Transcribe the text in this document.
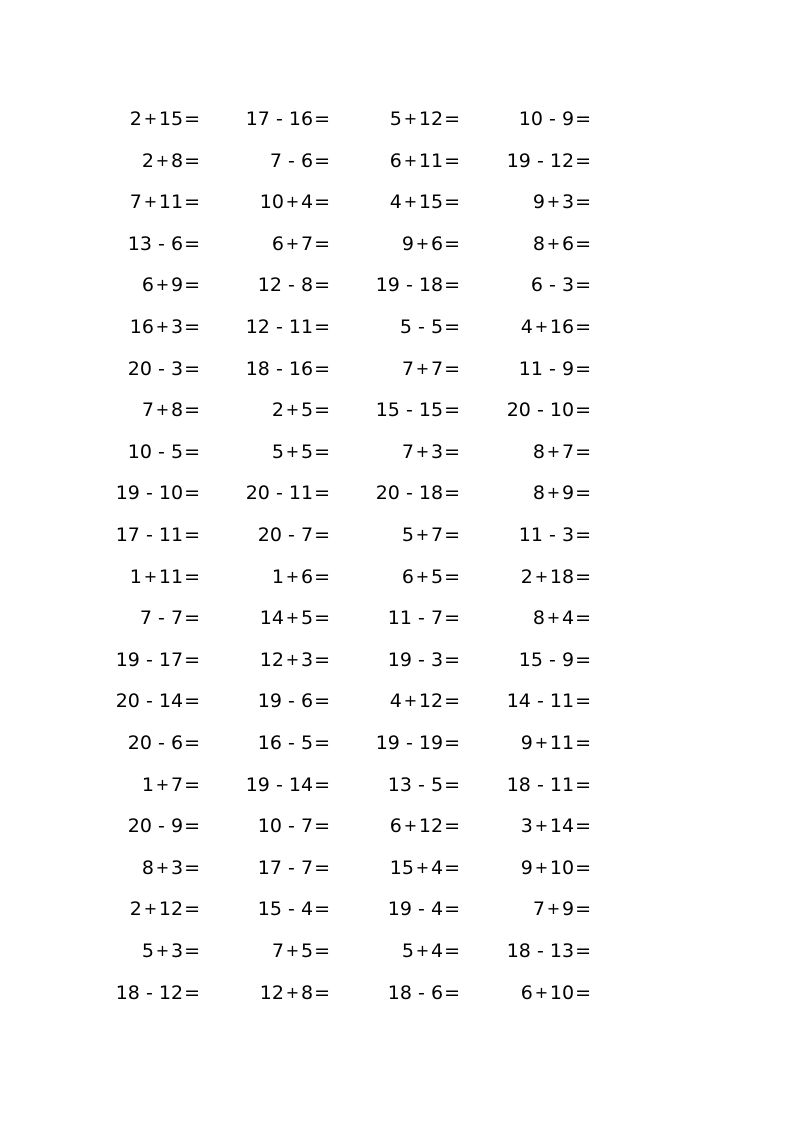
2 + 15 =
2 + 8 =
7 + 11 =
13 - 6 =
6 + 9 =
16 + 3 =
20 - 3 =
7 + 8 =
10 - 5 =
19 - 10 =
17 - 11 =
1 + 11 =
7 - 7 =
19 - 17 =
20 - 14 =
20 - 6 =
1 + 7 =
20 - 9 =
8 + 3 =
2 + 12 =
5 + 3 =
18 - 12 =
17 - 16 =
7 - 6 =
10 + 4 =
6 + 7 =
12 - 8 =
12 - 11 =
18 - 16 =
2 + 5 =
5 + 5 =
20 - 11 =
20 - 7 =
1 + 6 =
14 + 5 =
12 + 3 =
19 - 6 =
16 - 5 =
19 - 14 =
10 - 7 =
17 - 7 =
15 - 4 =
7 + 5 =
12 + 8 =
5 + 12 =
6 + 11 =
4 + 15 =
9 + 6 =
19 - 18 =
5 - 5 =
7 + 7 =
15 - 15 =
7 + 3 =
20 - 18 =
5 + 7 =
6 + 5 =
11 - 7 =
19 - 3 =
4 + 12 =
19 - 19 =
13 - 5 =
6 + 12 =
15 + 4 =
19 - 4 =
5 + 4 =
18 - 6 =
10 - 9 =
19 - 12 =
9 + 3 =
8 + 6 =
6 - 3 =
4 + 16 =
11 - 9 =
20 - 10 =
8 + 7 =
8 + 9 =
11 - 3 =
2 + 18 =
8 + 4 =
15 - 9 =
14 - 11 =
9 + 11 =
18 - 11 =
3 + 14 =
9 + 10 =
7 + 9 =
18 - 13 =
6 + 10 =
